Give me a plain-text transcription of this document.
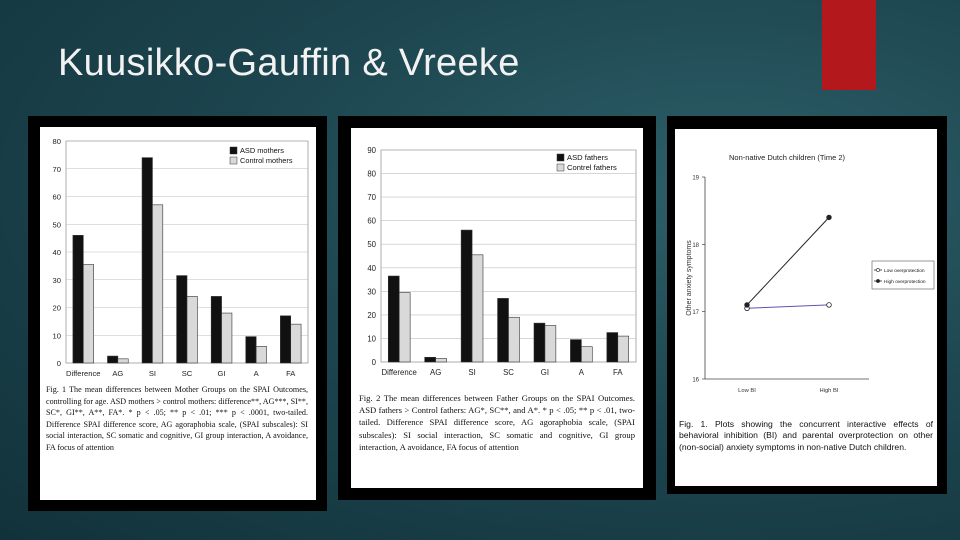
Kuusikko-Gauffin & Vreeke
0
10
20
30
40
50
60
70
80
Difference AG	SI	SC	GI	A	FA
ASD mothers
Control mothers
Fig. 1 The mean differences between Mother Groups on the SPAI Outcomes, controlling for age. ASD mothers > control mothers: difference**, AG***, SI**, SC*, GI**, A**, FA*. * p < .05; ** p < .01; *** p < .0001, two-tailed. Difference SPAI difference score, AG agoraphobia scale, (SPAI subscales): SI social interaction, SC somatic and cognitive, GI group interaction, A avoidance, FA focus of attention
0
10
20
30
40
50
60
70
80
90
Difference AG	SI	SC	GI	A	FA
ASD fathers
Contrel fathers
Fig. 2 The mean differences between Father Groups on the SPAI Outcomes. ASD fathers > Control fathers: AG*, SC**, and A*. * p < .05; ** p < .01, two-tailed. Difference SPAI difference score, AG agoraphobia scale, (SPAI subscales): SI social interaction, SC somatic and cognitive, GI group interaction, A avoidance, FA focus of attention
Non-native Dutch children (Time 2)
16
17
18
19
Other anxiety symptoms
Low BI	High BI
Low overprotection
High overprotection
Fig. 1. Plots showing the concurrent interactive effects of behavioral inhibition (BI) and parental overprotection on other (non-social) anxiety symptoms in non-native Dutch children.
